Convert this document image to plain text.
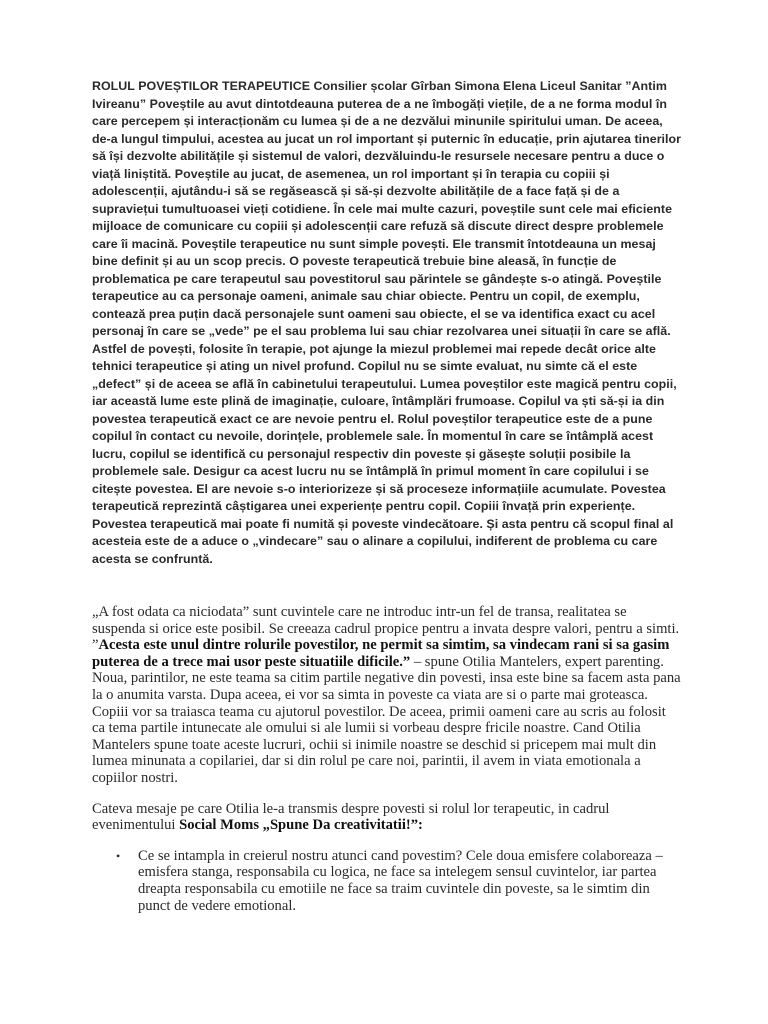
ROLUL POVEȘTILOR TERAPEUTICE Consilier școlar Gîrban Simona Elena Liceul Sanitar ”Antim Ivireanu” Poveștile au avut dintotdeauna puterea de a ne îmbogăți viețile, de a ne forma modul în care percepem și interacționăm cu lumea și de a ne dezvălui minunile spiritului uman. De aceea, de-a lungul timpului, acestea au jucat un rol important și puternic în educație, prin ajutarea tinerilor să își dezvolte abilitățile și sistemul de valori, dezvăluindu-le resursele necesare pentru a duce o viață liniștită. Poveștile au jucat, de asemenea, un rol important și în terapia cu copiii și adolescenții, ajutându-i să se regăsească și să-și dezvolte abilitățile de a face față și de a supraviețui tumultuoasei vieți cotidiene. În cele mai multe cazuri, poveștile sunt cele mai eficiente mijloace de comunicare cu copiii și adolescenții care refuză să discute direct despre problemele care îi macină. Poveștile terapeutice nu sunt simple povești. Ele transmit întotdeauna un mesaj bine definit și au un scop precis. O poveste terapeutică trebuie bine aleasă, în funcție de problematica pe care terapeutul sau povestitorul sau părintele se gândește s-o atingă. Poveștile terapeutice au ca personaje oameni, animale sau chiar obiecte. Pentru un copil, de exemplu, contează prea puțin dacă personajele sunt oameni sau obiecte, el se va identifica exact cu acel personaj în care se „vede” pe el sau problema lui sau chiar rezolvarea unei situații în care se află. Astfel de povești, folosite în terapie, pot ajunge la miezul problemei mai repede decât orice alte tehnici terapeutice și ating un nivel profund. Copilul nu se simte evaluat, nu simte că el este „defect” și de aceea se află în cabinetului terapeutului. Lumea poveștilor este magică pentru copii, iar această lume este plină de imaginație, culoare, întâmplări frumoase. Copilul va ști să-și ia din povestea terapeutică exact ce are nevoie pentru el. Rolul poveștilor terapeutice este de a pune copilul în contact cu nevoile, dorințele, problemele sale. În momentul în care se întâmplă acest lucru, copilul se identifică cu personajul respectiv din poveste și găsește soluții posibile la problemele sale. Desigur ca acest lucru nu se întâmplă în primul moment în care copilului i se citește povestea. El are nevoie s-o interiorizeze și să proceseze informațiile acumulate. Povestea terapeutică reprezintă câștigarea unei experiențe pentru copil. Copiii învață prin experiențe. Povestea terapeutică mai poate fi numită și poveste vindecătoare. Și asta pentru că scopul final al acesteia este de a aduce o „vindecare” sau o alinare a copilului, indiferent de problema cu care acesta se confruntă.

„A fost odata ca niciodata” sunt cuvintele care ne introduc intr-un fel de transa, realitatea se suspenda si orice este posibil. Se creeaza cadrul propice pentru a invata despre valori, pentru a simti. ”Acesta este unul dintre rolurile povestilor, ne permit sa simtim, sa vindecam rani si sa gasim puterea de a trece mai usor peste situatiile dificile.” – spune Otilia Mantelers, expert parenting. Noua, parintilor, ne este teama sa citim partile negative din povesti, insa este bine sa facem asta pana la o anumita varsta. Dupa aceea, ei vor sa simta in poveste ca viata are si o parte mai groteasca. Copiii vor sa traiasca teama cu ajutorul povestilor. De aceea, primii oameni care au scris au folosit ca tema partile intunecate ale omului si ale lumii si vorbeau despre fricile noastre. Cand Otilia Mantelers spune toate aceste lucruri, ochii si inimile noastre se deschid si pricepem mai mult din lumea minunata a copilariei, dar si din rolul pe care noi, parintii, il avem in viata emotionala a copiilor nostri.

Cateva mesaje pe care Otilia le-a transmis despre povesti si rolul lor terapeutic, in cadrul evenimentului Social Moms „Spune Da creativitatii!”:

• Ce se intampla in creierul nostru atunci cand povestim? Cele doua emisfere colaboreaza – emisfera stanga, responsabila cu logica, ne face sa intelegem sensul cuvintelor, iar partea dreapta responsabila cu emotiile ne face sa traim cuvintele din poveste, sa le simtim din punct de vedere emotional.
